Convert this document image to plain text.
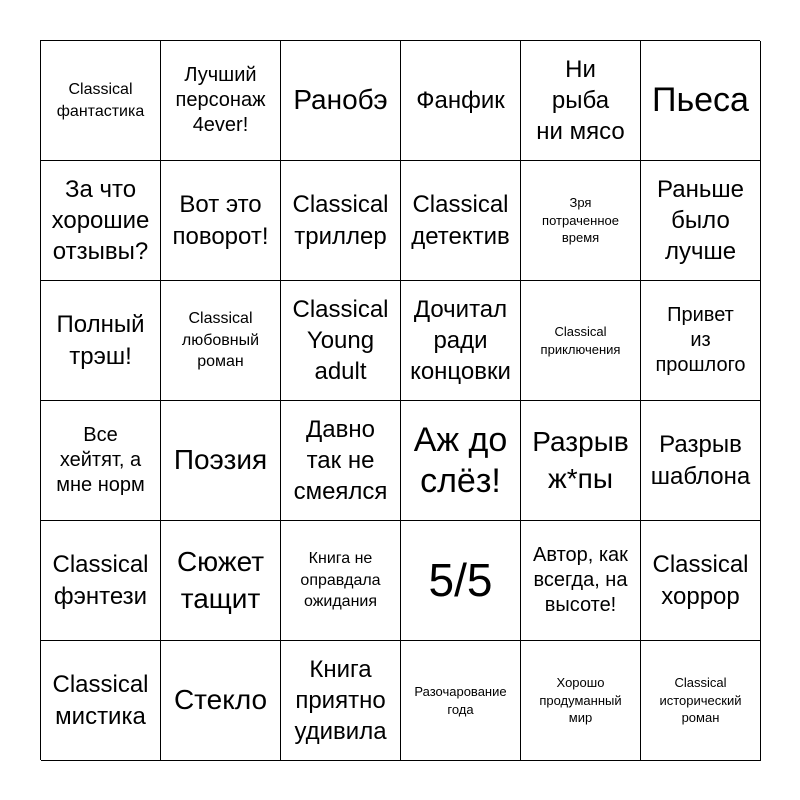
Classical
фантастика
Лучший
персонаж
4ever!
Ранобэ Фанфик
Ни
рыба
ни мясо
Пьеса
За что
хорошие
отзывы?
Вот это
поворот!
Classical
триллер
Classical
детектив
Зря
потраченное
время
Раньше
было
лучше
Полный
трэш!
Classical
любовный
роман
Classical
Young
adult
Дочитал
ради
концовки
Classical
приключения
Привет
из
прошлого
Все
хейтят, а
мне норм
Поэзия
Давно
так не
смеялся
Аж до
слёз!
Разрыв
ж*пы
Разрыв
шаблона
Classical
фэнтези
Сюжет
тащит
Книга не
оправдала
ожидания 5/5 Автор, как
всегда, на
высоте!
Classical
хоррор
Classical
мистика
Стекло
Книга
приятно
удивила
Разочарование
года
Хорошо
продуманный
мир
Classical
исторический
роман
